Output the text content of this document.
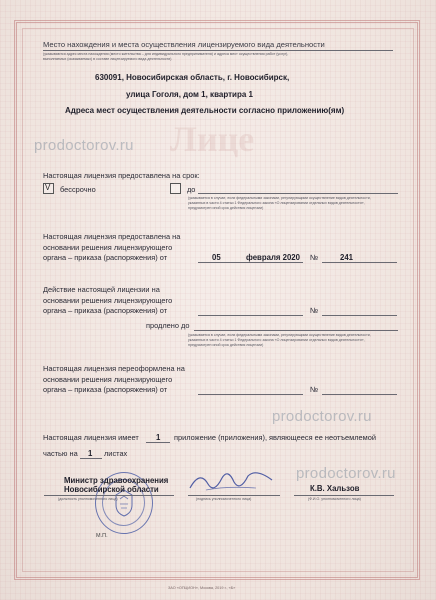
Лице
Место нахождения и места осуществления лицензируемого вида деятельности
(указываются адрес места нахождения (место жительства – для индивидуального предпринимателя) и адреса мест осуществления работ (услуг),
выполняемых (оказываемых) в составе лицензируемого вида деятельности)
630091, Новосибирская область, г. Новосибирск,
улица Гоголя, дом 1, квартира 1
Адреса мест осуществления деятельности согласно приложению(ям)
prodoctorov.ru
Настоящая лицензия предоставлена на срок:
V бессрочно	до
(указывается в случае, если федеральными законами, регулирующими осуществление видов деятельности,
указанных в части 4 статьи 1 Федерального закона «О лицензировании отдельных видов деятельности»,
предусмотрен иной срок действия лицензии)
Настоящая лицензия предоставлена на
основании решения лицензирующего
органа – приказа (распоряжения) от	05	февраля 2020 №	241
Действие настоящей лицензии на
основании решения лицензирующего
органа – приказа (распоряжения) от	№
продлено до
(указывается в случае, если федеральными законами, регулирующими осуществление видов деятельности,
указанных в части 4 статьи 1 Федерального закона «О лицензировании отдельных видов деятельности»,
предусмотрен иной срок действия лицензии)
Настоящая лицензия переоформлена на
основании решения лицензирующего
органа – приказа (распоряжения) от	№
prodoctorov.ru
Настоящая лицензия имеет 1 приложение (приложения), являющееся ее неотъемлемой
частью на 1 листах
prodoctorov.ru
Министр здравоохранения
Новосибирской области
(должность уполномоченного лица)	(подпись уполномоченного лица)
К.В. Хальзов
(Ф.И.О. уполномоченного лица)
М.П.
ЗАО «ОПЦИОН», Москва, 2019 г., «Б»
